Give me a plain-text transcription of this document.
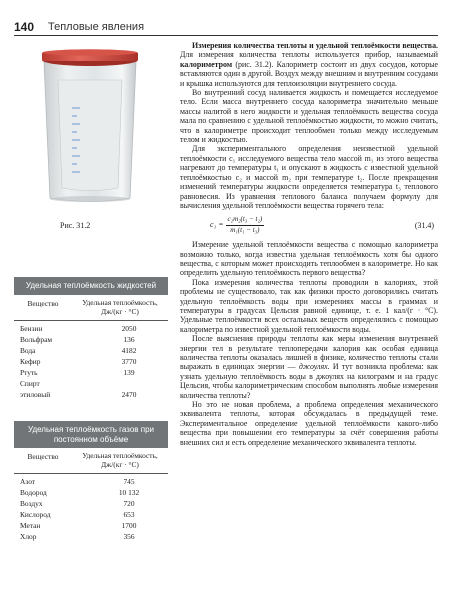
140 Тепловые явления
Рис. 31.2
Удельная теплоёмкость жидкостей
Вещество	Удельная теплоёмкость, Дж/(кг · °С)
Бензин	2050
Вольфрам	136
Вода	4182
Кефир	3770
Ртуть	139
Спирт
этиловый	2470
Удельная теплоёмкость газов при постоянном объёме
Вещество	Удельная теплоёмкость, Дж/(кг · °С)
Азот	745
Водород	10 132
Воздух	720
Кислород	653
Метан	1700
Хлор	356

Измерения количества теплоты и удельной теплоёмкости вещества. Для измерения количества теплоты используется прибор, называемый калориметром (рис. 31.2). Калориметр состоит из двух сосудов, которые вставляются один в другой. Воздух между внешним и внутренним сосудами и крышка используются для теплоизоляции внутреннего сосуда.

Во внутренний сосуд наливается жидкость и помещается исследуемое тело. Если масса внутреннего сосуда калориметра значительно меньше массы налитой в него жидкости и удельная теплоёмкость вещества сосуда мала по сравнению с удельной теплоёмкостью жидкости, то можно считать, что в калориметре происходит теплообмен только между исследуемым телом и жидкостью.

Для экспериментального определения неизвестной удельной теплоёмкости c₁ исследуемого вещества тело массой m₁ из этого вещества нагревают до температуры t₁ и опускают в жидкость с известной удельной теплоёмкостью c₂ и массой m₂ при температуре t₂. После прекращения изменений температуры жидкости определяется температура t₃ теплового равновесия. Из уравнения теплового баланса получаем формулу для вычисления удельной теплоёмкости вещества горячего тела:

$c_1 = \frac{\text{c₂m₂(t₃ − t₂)}}{\text{m₁(t₁ − t₃)}}$	(31.4)

Измерение удельной теплоёмкости вещества с помощью калориметра возможно только, когда известна удельная теплоёмкость хотя бы одного вещества, с которым может происходить теплообмен в калориметре. Но как определить удельную теплоёмкость первого вещества?

Пока измерения количества теплоты проводили в калориях, этой проблемы не существовало, так как физики просто договорились считать удельную теплоёмкость воды при измерениях массы в граммах и температуры в градусах Цельсия равной единице, т. е. 1 кал/(г · °С). Удельные теплоёмкости всех остальных веществ определялись с помощью калориметра по известной удельной теплоёмкости воды.

После выяснения природы теплоты как меры изменения внутренней энергии тел в результате теплопередачи калория как особая единица количества теплоты оказалась лишней в физике, количество теплоты стали выражать в единицах энергии — джоулях. И тут возникла проблема: как узнать удельную теплоёмкость воды в джоулях на килограмм и на градус Цельсия, чтобы калориметрическим способом выполнять любые измерения количества теплоты?

Но это не новая проблема, а проблема определения механического эквивалента теплоты, которая обсуждалась в предыдущей теме. Экспериментальное определение удельной теплоёмкости какого-либо вещества при повышении его температуры за счёт совершения работы внешних сил и есть определение механического эквивалента теплоты.
